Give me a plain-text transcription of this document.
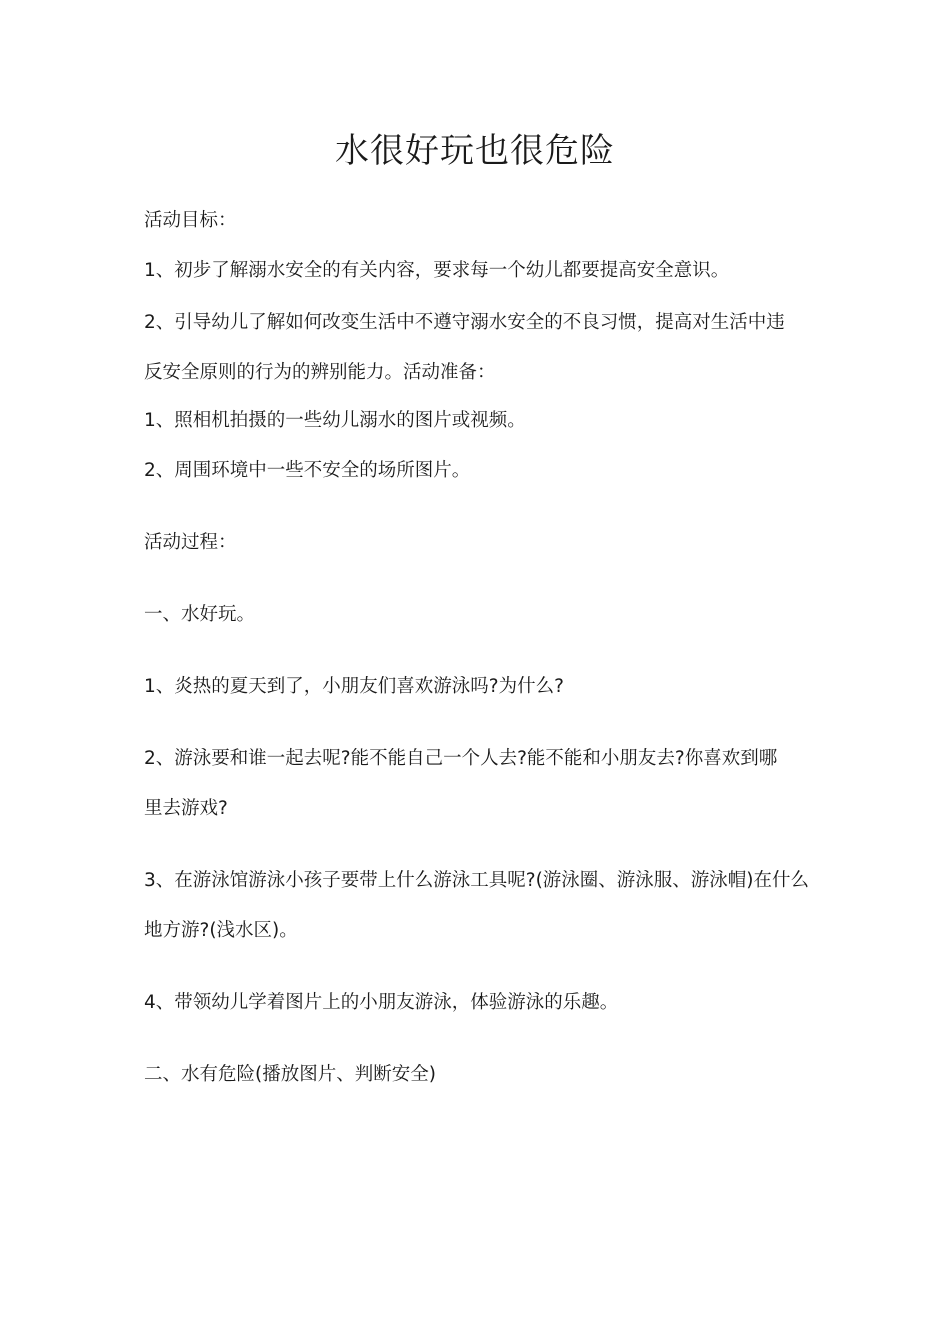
水很好玩也很危险

活动目标：

1、初步了解溺水安全的有关内容，要求每一个幼儿都要提高安全意识。

2、引导幼儿了解如何改变生活中不遵守溺水安全的不良习惯，提高对生活中违

反安全原则的行为的辨别能力。活动准备：

1、照相机拍摄的一些幼儿溺水的图片或视频。

2、周围环境中一些不安全的场所图片。

活动过程：

一、水好玩。

1、炎热的夏天到了，小朋友们喜欢游泳吗?为什么?

2、游泳要和谁一起去呢?能不能自己一个人去?能不能和小朋友去?你喜欢到哪

里去游戏?

3、在游泳馆游泳小孩子要带上什么游泳工具呢?(游泳圈、游泳服、游泳帽)在什么

地方游?(浅水区)。

4、带领幼儿学着图片上的小朋友游泳，体验游泳的乐趣。

二、水有危险(播放图片、判断安全)
